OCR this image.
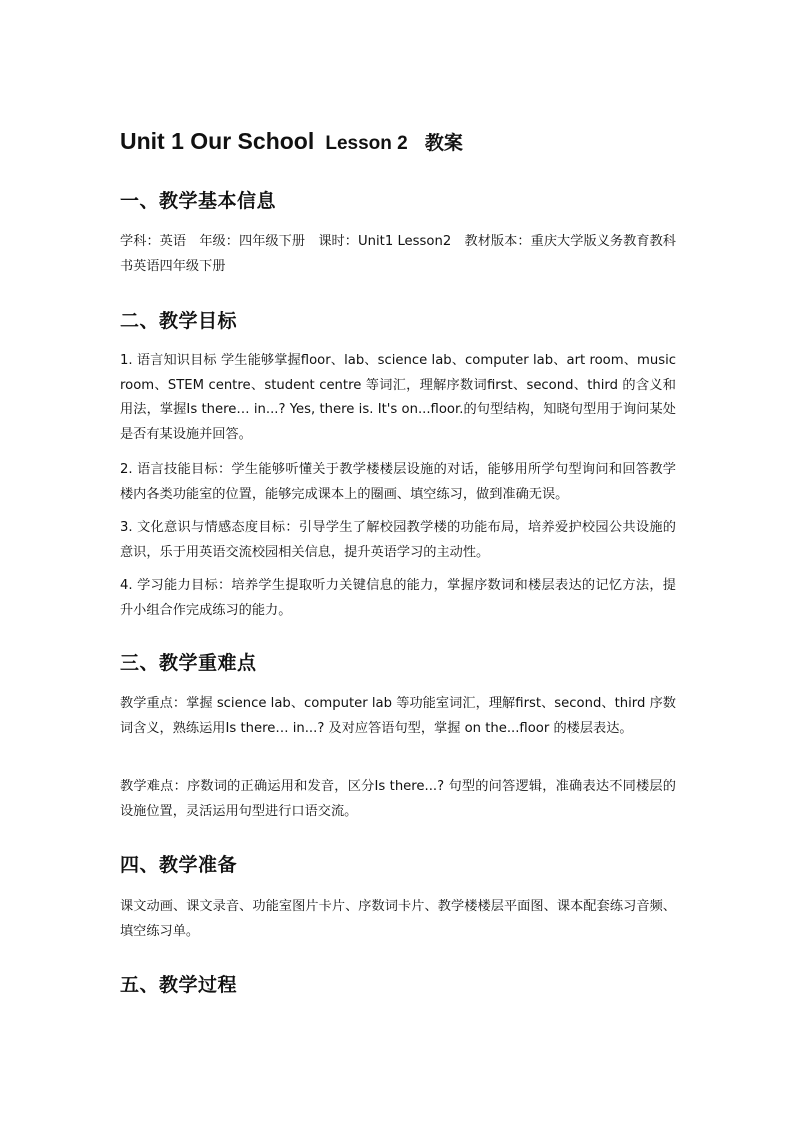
Unit 1 Our School Lesson 2 教案
一、教学基本信息

学科：英语　年级：四年级下册　课时：Unit1 Lesson2　教材版本：重庆大学版义务教育教科书英语四年级下册

二、教学目标

1. 语言知识目标 学生能够掌握floor、lab、science lab、computer lab、art room、music room、STEM centre、student centre 等词汇，理解序数词first、second、third 的含义和用法，掌握Is there… in...? Yes, there is. It's on...floor.的句型结构，知晓句型用于询问某处是否有某设施并回答。

2. 语言技能目标：学生能够听懂关于教学楼楼层设施的对话，能够用所学句型询问和回答教学楼内各类功能室的位置，能够完成课本上的圈画、填空练习，做到准确无误。

3. 文化意识与情感态度目标：引导学生了解校园教学楼的功能布局，培养爱护校园公共设施的意识，乐于用英语交流校园相关信息，提升英语学习的主动性。

4. 学习能力目标：培养学生提取听力关键信息的能力，掌握序数词和楼层表达的记忆方法，提升小组合作完成练习的能力。

三、教学重难点

教学重点：掌握 science lab、computer lab 等功能室词汇，理解first、second、third 序数词含义，熟练运用Is there… in...? 及对应答语句型，掌握 on the...floor 的楼层表达。

教学难点：序数词的正确运用和发音，区分Is there...? 句型的问答逻辑，准确表达不同楼层的设施位置，灵活运用句型进行口语交流。

四、教学准备

课文动画、课文录音、功能室图片卡片、序数词卡片、教学楼楼层平面图、课本配套练习音频、填空练习单。

五、教学过程
